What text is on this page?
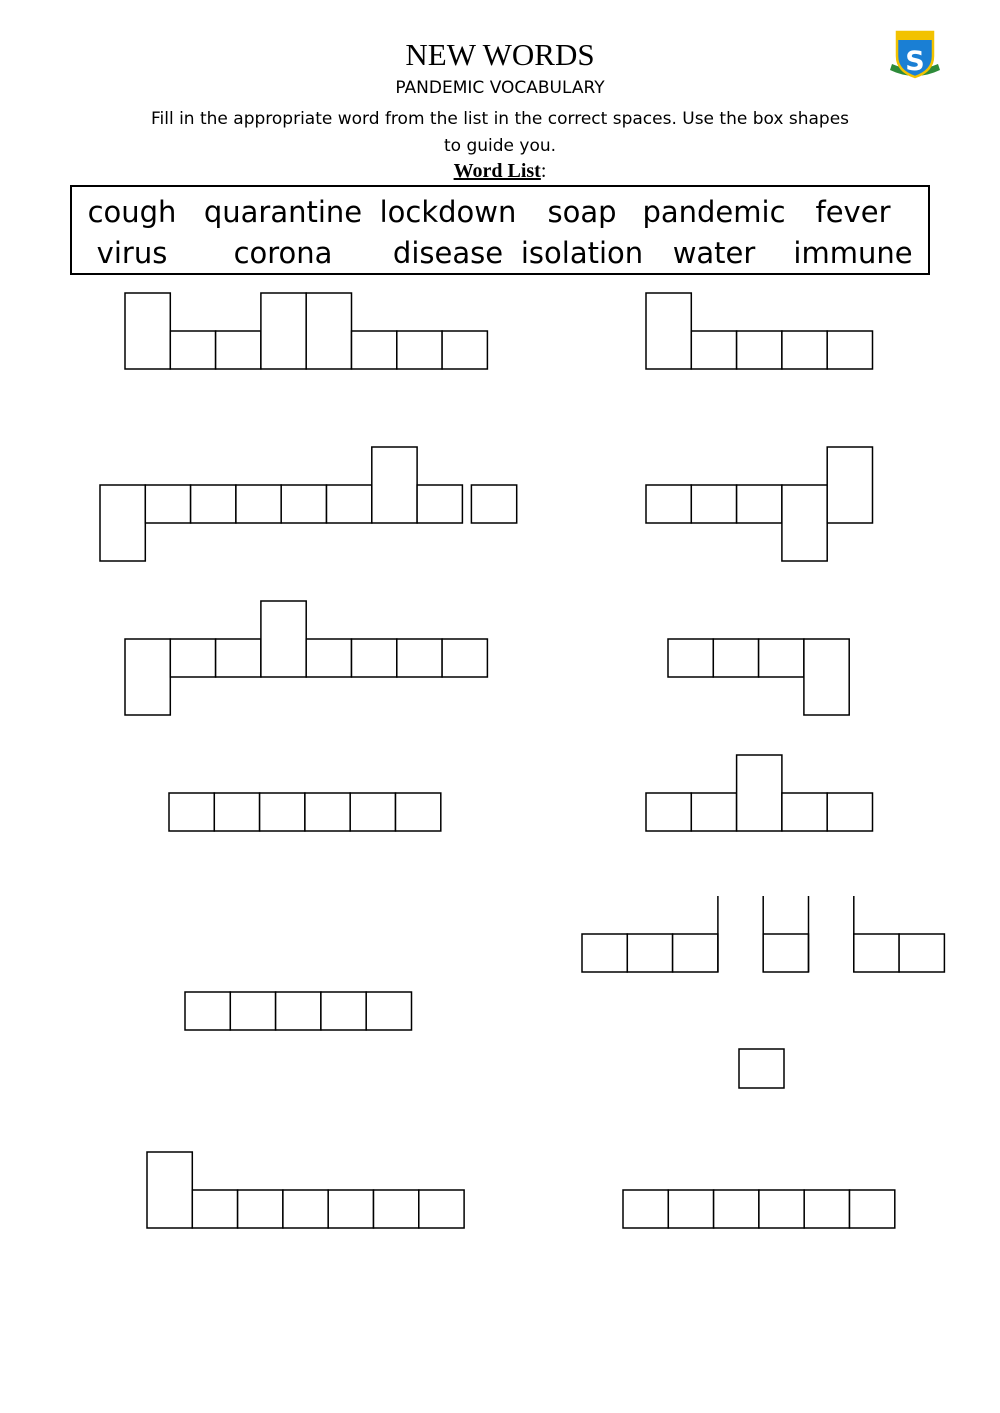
NEW WORDS
PANDEMIC VOCABULARY
Fill in the appropriate word from the list in the correct spaces. Use the box shapes to guide you.
Word List:
S
cough quarantine lockdown soap pandemic fever
virus corona disease isolation water immune
